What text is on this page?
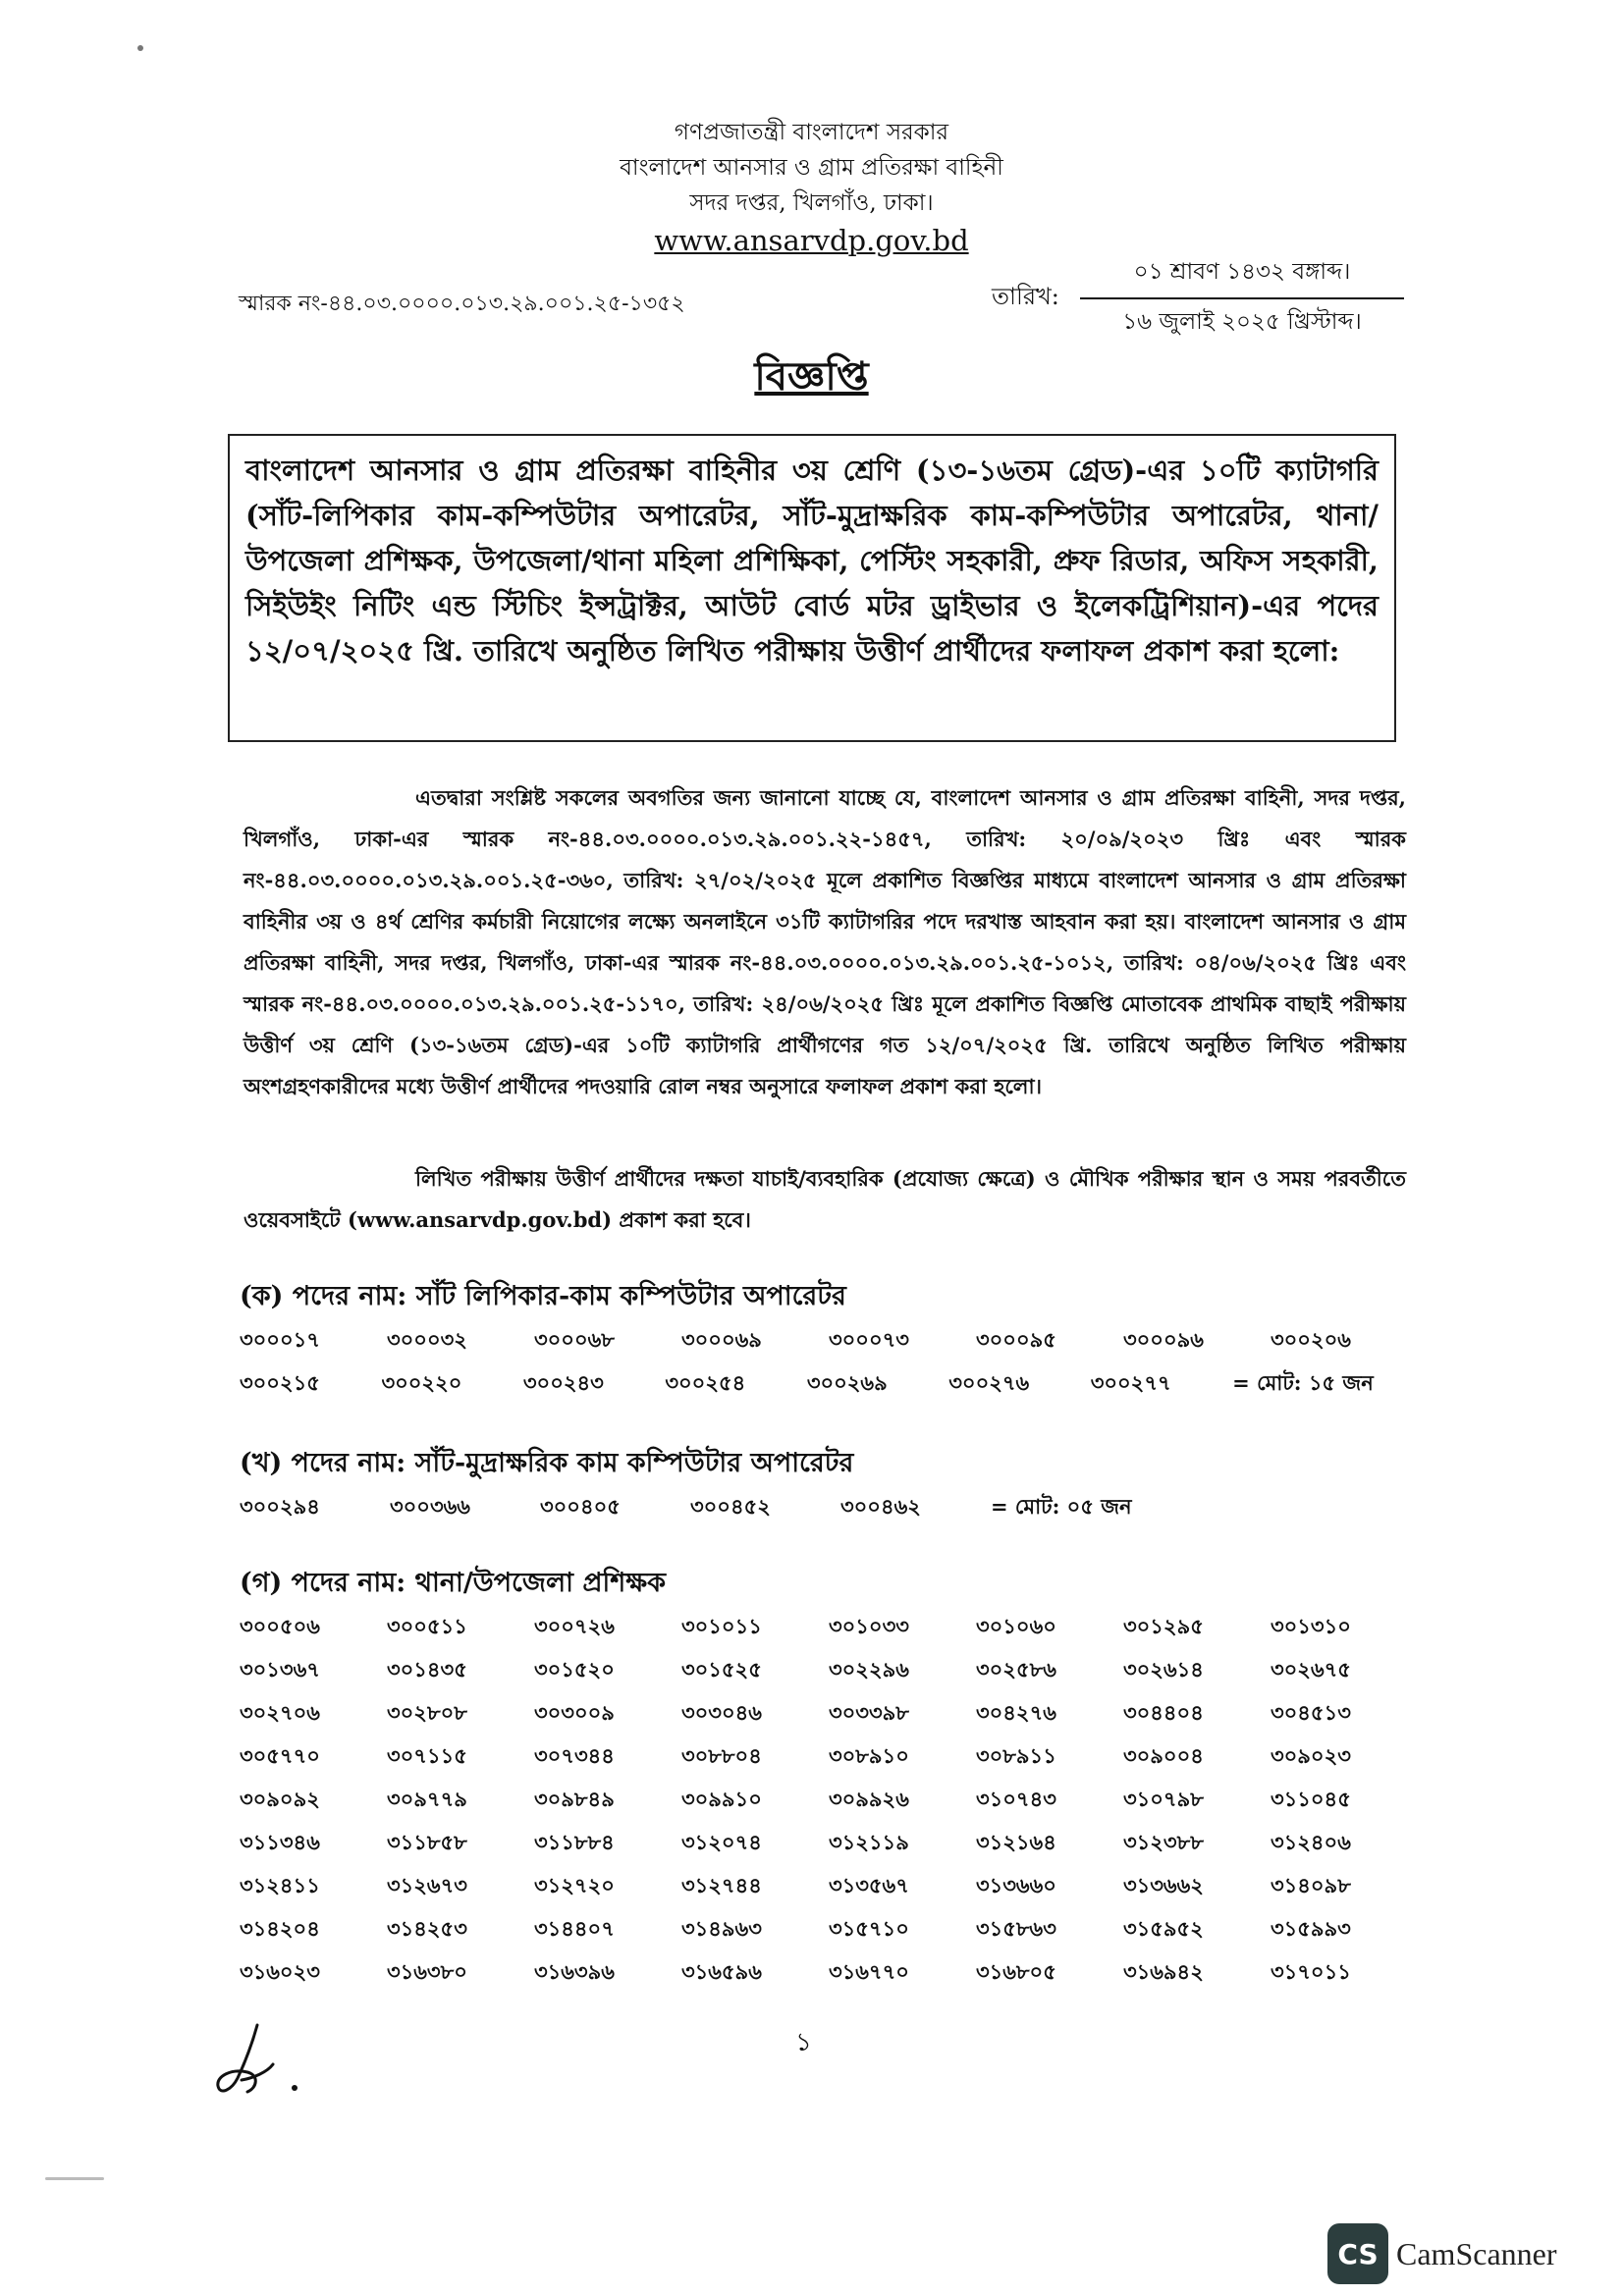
গণপ্রজাতন্ত্রী বাংলাদেশ সরকার
বাংলাদেশ আনসার ও গ্রাম প্রতিরক্ষা বাহিনী
সদর দপ্তর, খিলগাঁও, ঢাকা।
www.ansarvdp.gov.bd
স্মারক নং-৪৪.০৩.০০০০.০১৩.২৯.০০১.২৫-১৩৫২	তারিখ:
০১ শ্রাবণ ১৪৩২ বঙ্গাব্দ।
১৬ জুলাই ২০২৫ খ্রিস্টাব্দ।
বিজ্ঞপ্তি
বাংলাদেশ আনসার ও গ্রাম প্রতিরক্ষা বাহিনীর ৩য় শ্রেণি (১৩-১৬তম গ্রেড)-এর ১০টি ক্যাটাগরি (সাঁট-লিপিকার কাম-কম্পিউটার অপারেটর, সাঁট-মুদ্রাক্ষরিক কাম-কম্পিউটার অপারেটর, থানা/উপজেলা প্রশিক্ষক, উপজেলা/থানা মহিলা প্রশিক্ষিকা, পেস্টিং সহকারী, প্রুফ রিডার, অফিস সহকারী, সিইউইং নিটিং এন্ড স্টিচিং ইন্সট্রাক্টর, আউট বোর্ড মটর ড্রাইভার ও ইলেকট্রিশিয়ান)-এর পদের ১২/০৭/২০২৫ খ্রি. তারিখে অনুষ্ঠিত লিখিত পরীক্ষায় উত্তীর্ণ প্রার্থীদের ফলাফল প্রকাশ করা হলো:
এতদ্বারা সংশ্লিষ্ট সকলের অবগতির জন্য জানানো যাচ্ছে যে, বাংলাদেশ আনসার ও গ্রাম প্রতিরক্ষা বাহিনী, সদর দপ্তর, খিলগাঁও, ঢাকা-এর স্মারক নং-৪৪.০৩.০০০০.০১৩.২৯.০০১.২২-১৪৫৭, তারিখ: ২০/০৯/২০২৩ খ্রিঃ এবং স্মারক নং-৪৪.০৩.০০০০.০১৩.২৯.০০১.২৫-৩৬০, তারিখ: ২৭/০২/২০২৫ মূলে প্রকাশিত বিজ্ঞপ্তির মাধ্যমে বাংলাদেশ আনসার ও গ্রাম প্রতিরক্ষা বাহিনীর ৩য় ও ৪র্থ শ্রেণির কর্মচারী নিয়োগের লক্ষ্যে অনলাইনে ৩১টি ক্যাটাগরির পদে দরখাস্ত আহবান করা হয়। বাংলাদেশ আনসার ও গ্রাম প্রতিরক্ষা বাহিনী, সদর দপ্তর, খিলগাঁও, ঢাকা-এর স্মারক নং-৪৪.০৩.০০০০.০১৩.২৯.০০১.২৫-১০১২, তারিখ: ০৪/০৬/২০২৫ খ্রিঃ এবং স্মারক নং-৪৪.০৩.০০০০.০১৩.২৯.০০১.২৫-১১৭০, তারিখ: ২৪/০৬/২০২৫ খ্রিঃ মূলে প্রকাশিত বিজ্ঞপ্তি মোতাবেক প্রাথমিক বাছাই পরীক্ষায় উত্তীর্ণ ৩য় শ্রেণি (১৩-১৬তম গ্রেড)-এর ১০টি ক্যাটাগরি প্রার্থীগণের গত ১২/০৭/২০২৫ খ্রি. তারিখে অনুষ্ঠিত লিখিত পরীক্ষায় অংশগ্রহণকারীদের মধ্যে উত্তীর্ণ প্রার্থীদের পদওয়ারি রোল নম্বর অনুসারে ফলাফল প্রকাশ করা হলো।
লিখিত পরীক্ষায় উত্তীর্ণ প্রার্থীদের দক্ষতা যাচাই/ব্যবহারিক (প্রযোজ্য ক্ষেত্রে) ও মৌখিক পরীক্ষার স্থান ও সময় পরবর্তীতে ওয়েবসাইটে (www.ansarvdp.gov.bd) প্রকাশ করা হবে।
(ক) পদের নাম: সাঁট লিপিকার-কাম কম্পিউটার অপারেটর
৩০০০১৭	৩০০০৩২	৩০০০৬৮	৩০০০৬৯	৩০০০৭৩	৩০০০৯৫	৩০০০৯৬	৩০০২০৬
৩০০২১৫	৩০০২২০	৩০০২৪৩	৩০০২৫৪	৩০০২৬৯	৩০০২৭৬	৩০০২৭৭	= মোট: ১৫ জন
(খ) পদের নাম: সাঁট-মুদ্রাক্ষরিক কাম কম্পিউটার অপারেটর
৩০০২৯৪	৩০০৩৬৬	৩০০৪০৫	৩০০৪৫২	৩০০৪৬২	= মোট: ০৫ জন
(গ) পদের নাম: থানা/উপজেলা প্রশিক্ষক
৩০০৫০৬	৩০০৫১১	৩০০৭২৬	৩০১০১১	৩০১০৩৩	৩০১০৬০	৩০১২৯৫	৩০১৩১০
৩০১৩৬৭	৩০১৪৩৫	৩০১৫২০	৩০১৫২৫	৩০২২৯৬	৩০২৫৮৬	৩০২৬১৪	৩০২৬৭৫
৩০২৭০৬	৩০২৮০৮	৩০৩০০৯	৩০৩০৪৬	৩০৩৩৯৮	৩০৪২৭৬	৩০৪৪০৪	৩০৪৫১৩
৩০৫৭৭০	৩০৭১১৫	৩০৭৩৪৪	৩০৮৮০৪	৩০৮৯১০	৩০৮৯১১	৩০৯০০৪	৩০৯০২৩
৩০৯০৯২	৩০৯৭৭৯	৩০৯৮৪৯	৩০৯৯১০	৩০৯৯২৬	৩১০৭৪৩	৩১০৭৯৮	৩১১০৪৫
৩১১৩৪৬	৩১১৮৫৮	৩১১৮৮৪	৩১২০৭৪	৩১২১১৯	৩১২১৬৪	৩১২৩৮৮	৩১২৪০৬
৩১২৪১১	৩১২৬৭৩	৩১২৭২০	৩১২৭৪৪	৩১৩৫৬৭	৩১৩৬৬০	৩১৩৬৬২	৩১৪০৯৮
৩১৪২০৪	৩১৪২৫৩	৩১৪৪০৭	৩১৪৯৬৩	৩১৫৭১০	৩১৫৮৬৩	৩১৫৯৫২	৩১৫৯৯৩
৩১৬০২৩	৩১৬৩৮০	৩১৬৩৯৬	৩১৬৫৯৬	৩১৬৭৭০	৩১৬৮০৫	৩১৬৯৪২	৩১৭০১১
১
CS CamScanner
